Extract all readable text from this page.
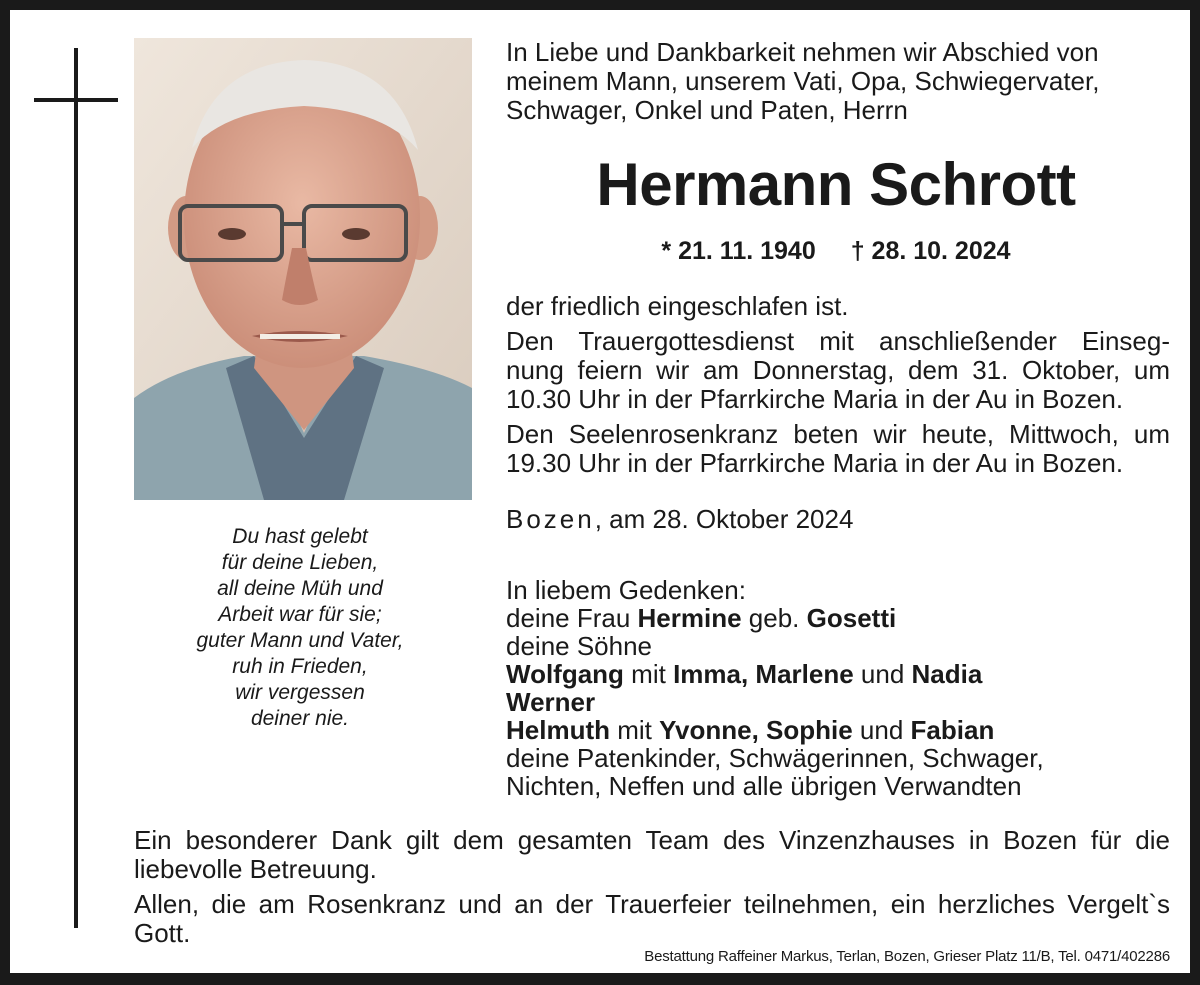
Du hast gelebt
für deine Lieben,
all deine Müh und
Arbeit war für sie;
guter Mann und Vater,
ruh in Frieden,
wir vergessen
deiner nie.
In Liebe und Dankbarkeit nehmen wir Abschied von
meinem Mann, unserem Vati, Opa, Schwiegervater,
Schwager, Onkel und Paten, Herrn
Hermann Schrott
* 21. 11. 1940 † 28. 10. 2024
der friedlich eingeschlafen ist.
Den Trauergottesdienst mit anschließender Einseg-
nung feiern wir am Donnerstag, dem 31. Oktober, um
10.30 Uhr in der Pfarrkirche Maria in der Au in Bozen.
Den Seelenrosenkranz beten wir heute, Mittwoch, um
19.30 Uhr in der Pfarrkirche Maria in der Au in Bozen.
Bozen, am 28. Oktober 2024
In liebem Gedenken:
deine Frau Hermine geb. Gosetti
deine Söhne
Wolfgang mit Imma, Marlene und Nadia
Werner
Helmuth mit Yvonne, Sophie und Fabian
deine Patenkinder, Schwägerinnen, Schwager,
Nichten, Neffen und alle übrigen Verwandten
Ein besonderer Dank gilt dem gesamten Team des Vinzenzhauses in Bozen für die
liebevolle Betreuung.
Allen, die am Rosenkranz und an der Trauerfeier teilnehmen, ein herzliches Vergelt`s
Gott.
Bestattung Raffeiner Markus, Terlan, Bozen, Grieser Platz 11/B, Tel. 0471/402286
